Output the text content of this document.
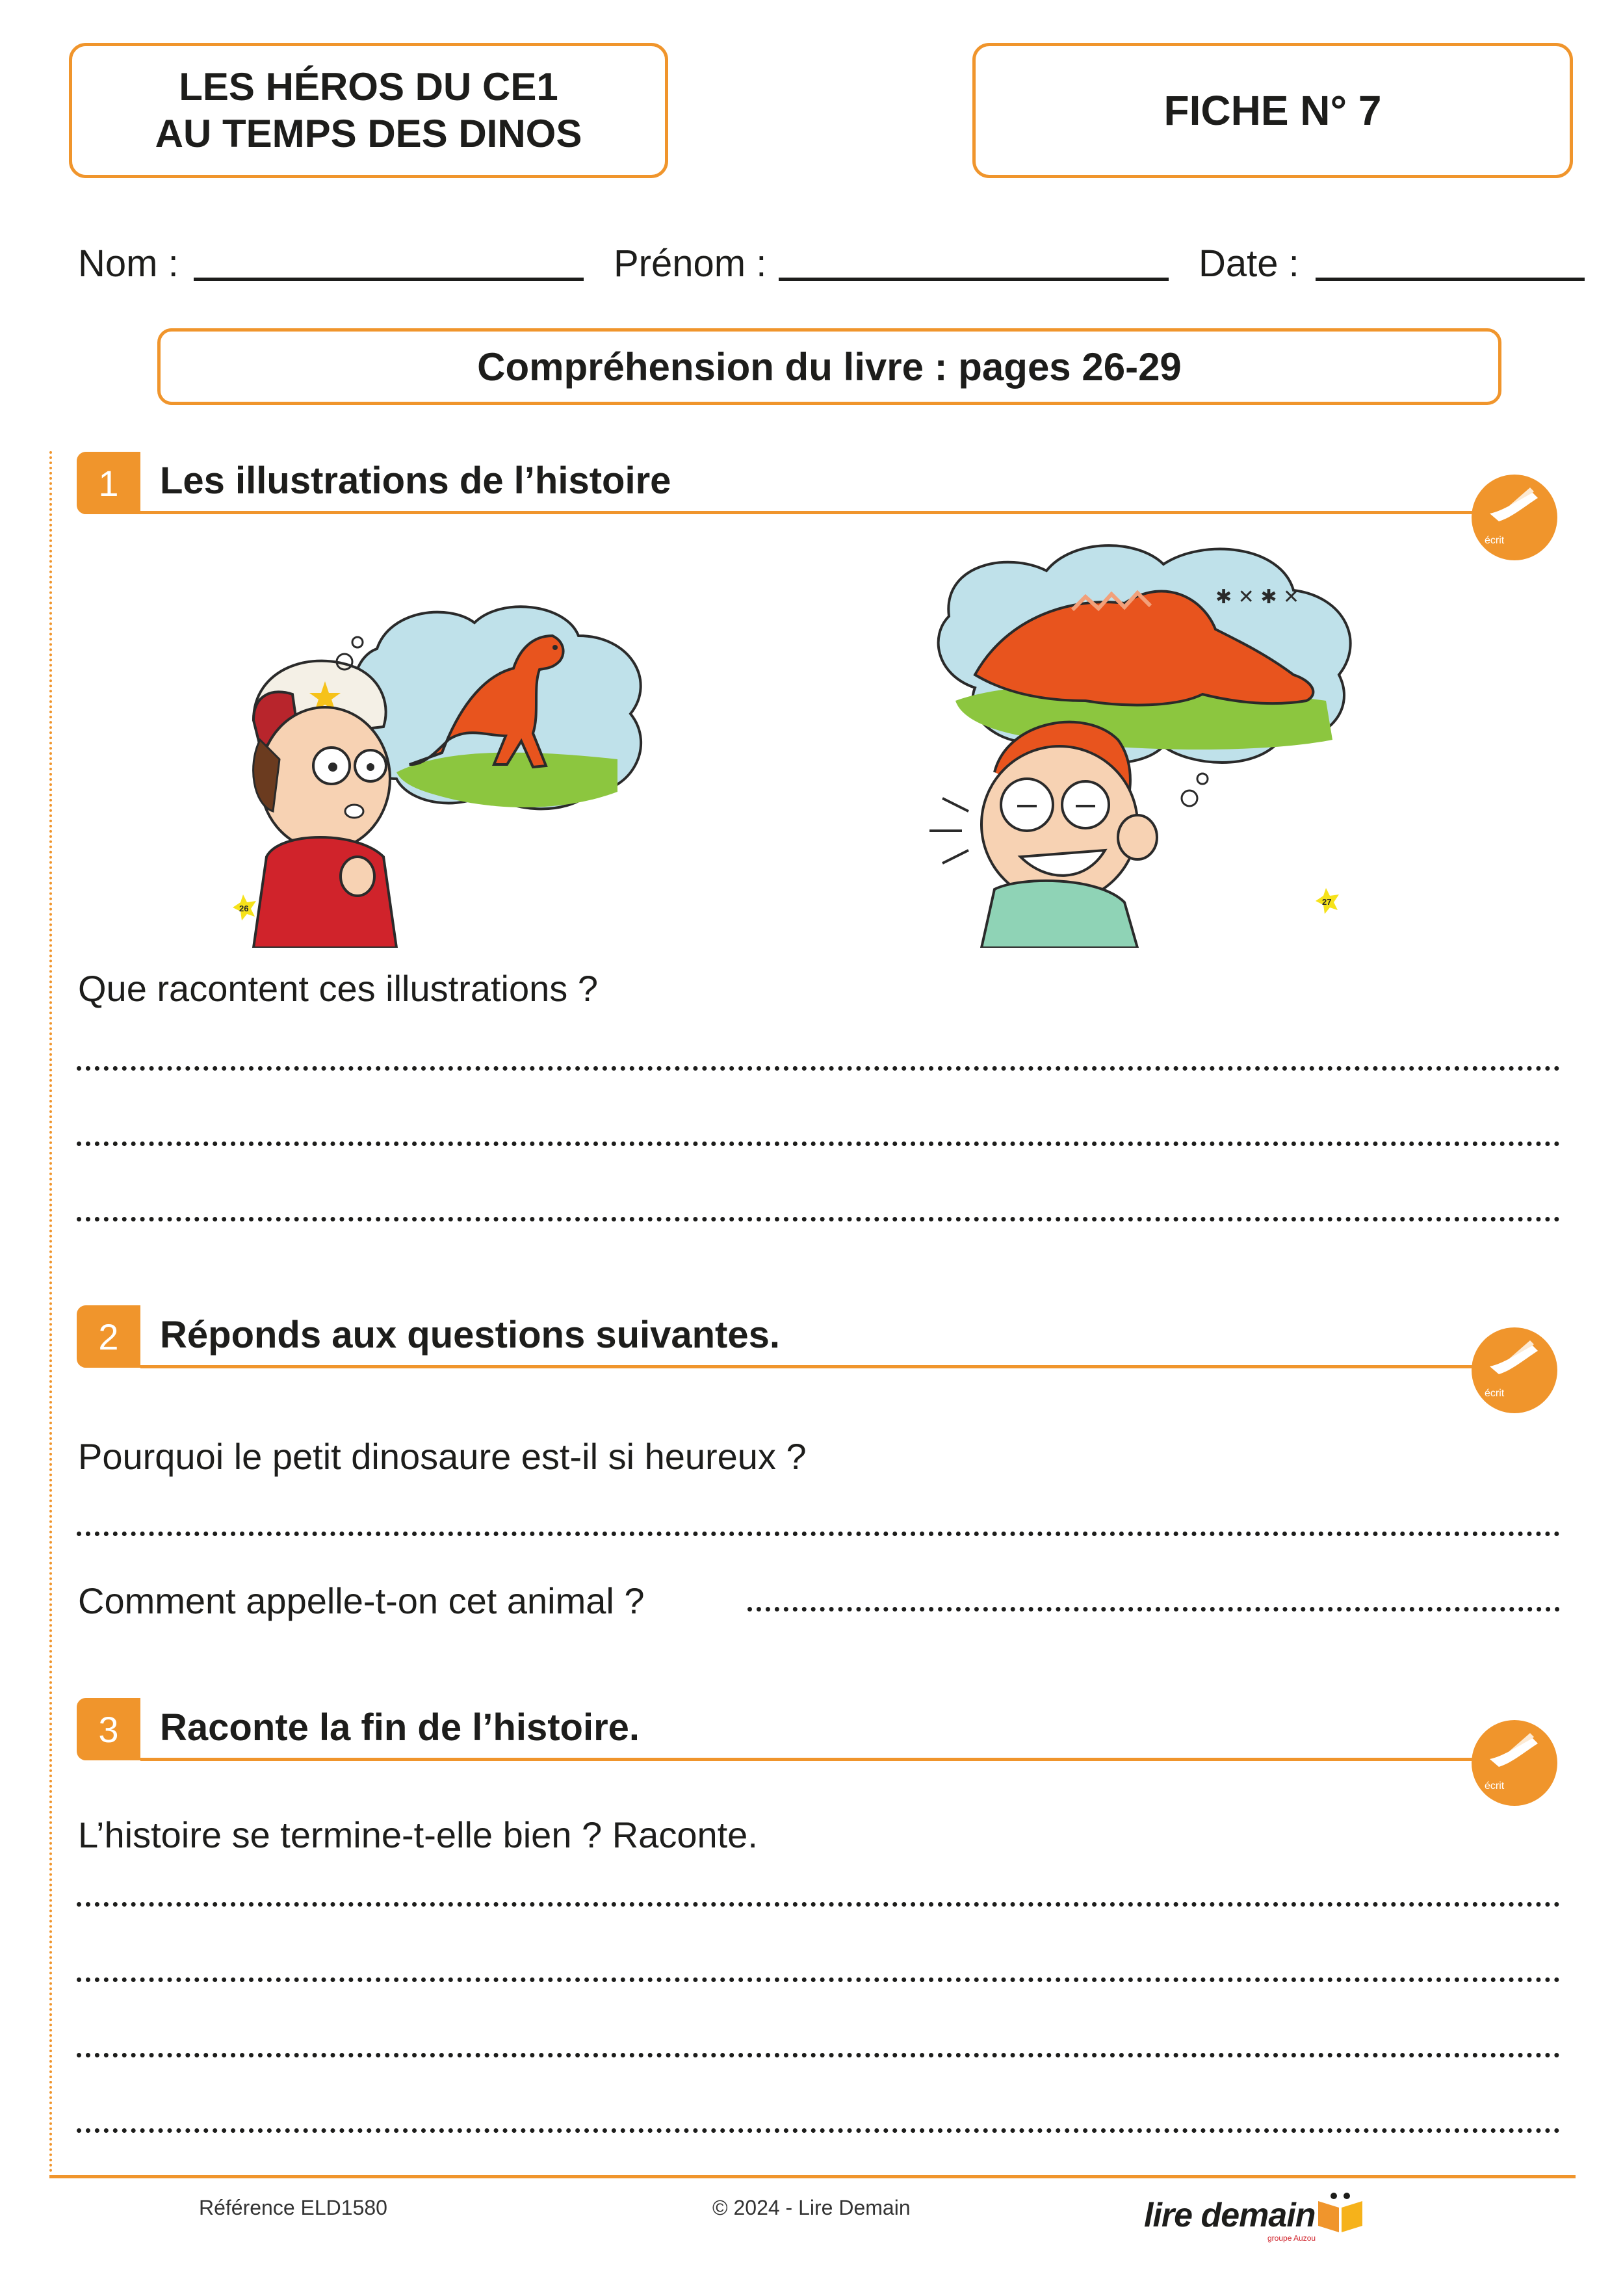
LES HÉROS DU CE1
AU TEMPS DES DINOS	FICHE N° 7
Nom :	Prénom :	Date :
Compréhension du livre : pages 26-29
1	Les illustrations de l’histoire
écrit
26
✱ ✕ ✱ ✕
27
Que racontent ces illustrations ?
2	Réponds aux questions suivantes.
écrit
Pourquoi le petit dinosaure est-il si heureux ?
Comment appelle-t-on cet animal ?
3	Raconte la fin de l’histoire.
écrit
L’histoire se termine-t-elle bien ? Raconte.
Référence ELD1580	© 2024 - Lire Demain	lire demain
groupe Auzou
